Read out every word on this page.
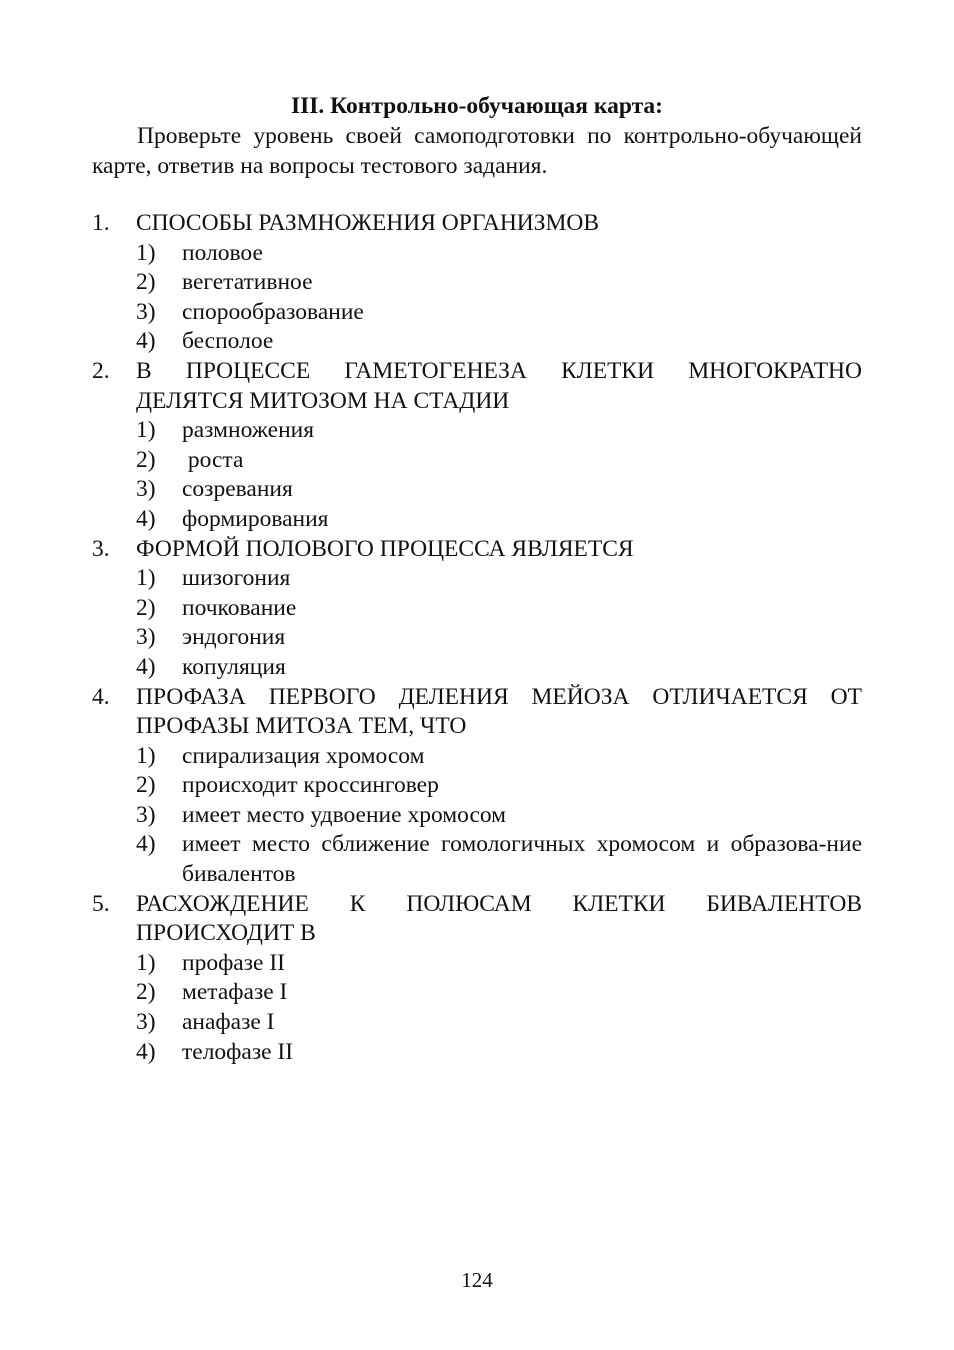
III. Контрольно-обучающая карта:
Проверьте уровень своей самоподготовки по контрольно-обучающей карте, ответив на вопросы тестового задания.
1. СПОСОБЫ РАЗМНОЖЕНИЯ ОРГАНИЗМОВ
1) половое
2) вегетативное
3) спорообразование
4) бесполое
2. В ПРОЦЕССЕ ГАМЕТОГЕНЕЗА КЛЕТКИ МНОГОКРАТНО ДЕЛЯТСЯ МИТОЗОМ НА СТАДИИ
1) размножения
2) роста
3) созревания
4) формирования
3. ФОРМОЙ ПОЛОВОГО ПРОЦЕССА ЯВЛЯЕТСЯ
1) шизогония
2) почкование
3) эндогония
4) копуляция
4. ПРОФАЗА ПЕРВОГО ДЕЛЕНИЯ МЕЙОЗА ОТЛИЧАЕТСЯ ОТ ПРОФАЗЫ МИТОЗА ТЕМ, ЧТО
1) спирализация хромосом
2) происходит кроссинговер
3) имеет место удвоение хромосом
4) имеет место сближение гомологичных хромосом и образова-ние бивалентов
5. РАСХОЖДЕНИЕ К ПОЛЮСАМ КЛЕТКИ БИВАЛЕНТОВ ПРОИСХОДИТ В
1) профазе II
2) метафазе I
3) анафазе I
4) телофазе II
124
